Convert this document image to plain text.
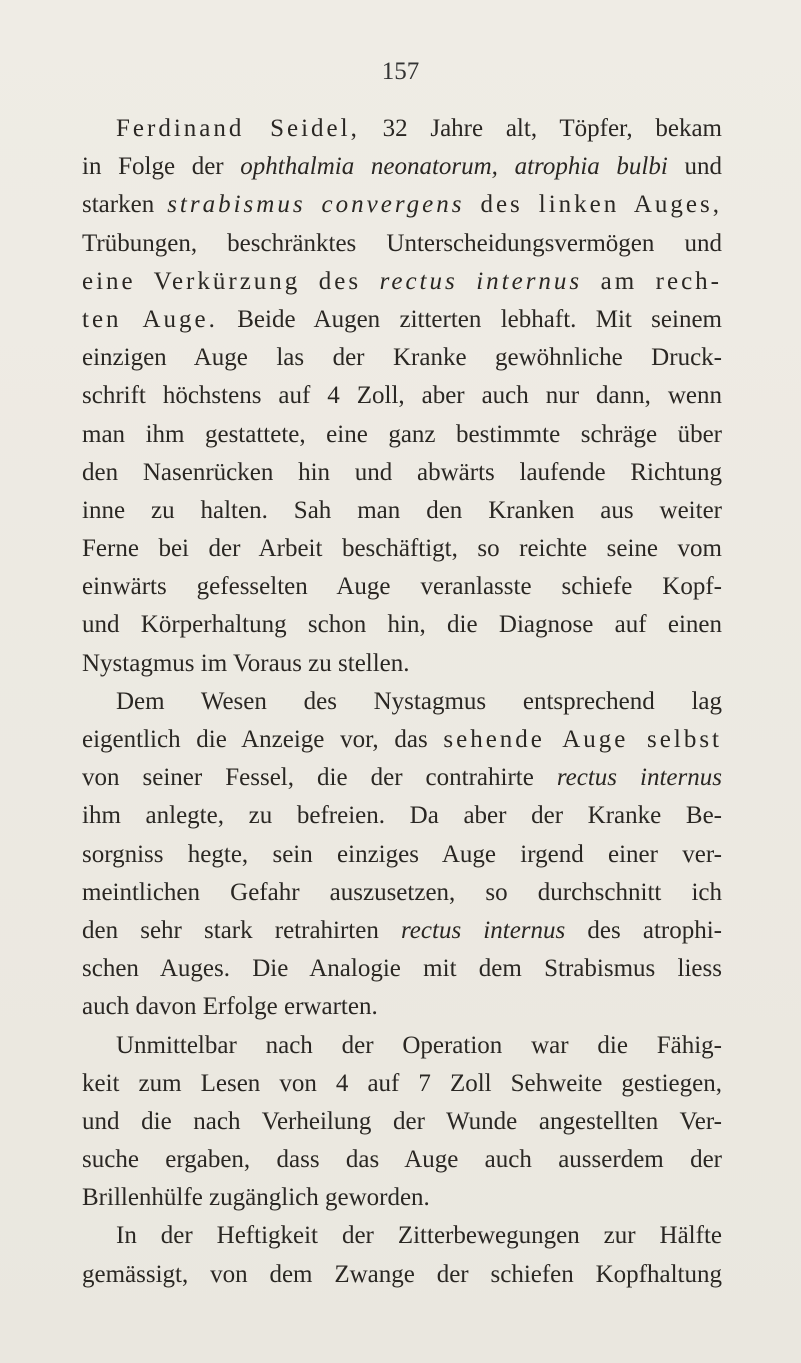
157
Ferdinand Seidel, 32 Jahre alt, Töpfer, bekam
in Folge der ophthalmia neonatorum, atrophia bulbi und
starken strabismus convergens des linken Auges,
Trübungen, beschränktes Unterscheidungsvermögen und
eine Verkürzung des rectus internus am rech-
ten Auge. Beide Augen zitterten lebhaft. Mit seinem
einzigen Auge las der Kranke gewöhnliche Druck-
schrift höchstens auf 4 Zoll, aber auch nur dann, wenn
man ihm gestattete, eine ganz bestimmte schräge über
den Nasenrücken hin und abwärts laufende Richtung
inne zu halten. Sah man den Kranken aus weiter
Ferne bei der Arbeit beschäftigt, so reichte seine vom
einwärts gefesselten Auge veranlasste schiefe Kopf-
und Körperhaltung schon hin, die Diagnose auf einen
Nystagmus im Voraus zu stellen.
Dem Wesen des Nystagmus entsprechend lag
eigentlich die Anzeige vor, das sehende Auge selbst
von seiner Fessel, die der contrahirte rectus internus
ihm anlegte, zu befreien. Da aber der Kranke Be-
sorgniss hegte, sein einziges Auge irgend einer ver-
meintlichen Gefahr auszusetzen, so durchschnitt ich
den sehr stark retrahirten rectus internus des atrophi-
schen Auges. Die Analogie mit dem Strabismus liess
auch davon Erfolge erwarten.
Unmittelbar nach der Operation war die Fähig-
keit zum Lesen von 4 auf 7 Zoll Sehweite gestiegen,
und die nach Verheilung der Wunde angestellten Ver-
suche ergaben, dass das Auge auch ausserdem der
Brillenhülfe zugänglich geworden.
In der Heftigkeit der Zitterbewegungen zur Hälfte
gemässigt, von dem Zwange der schiefen Kopfhaltung
